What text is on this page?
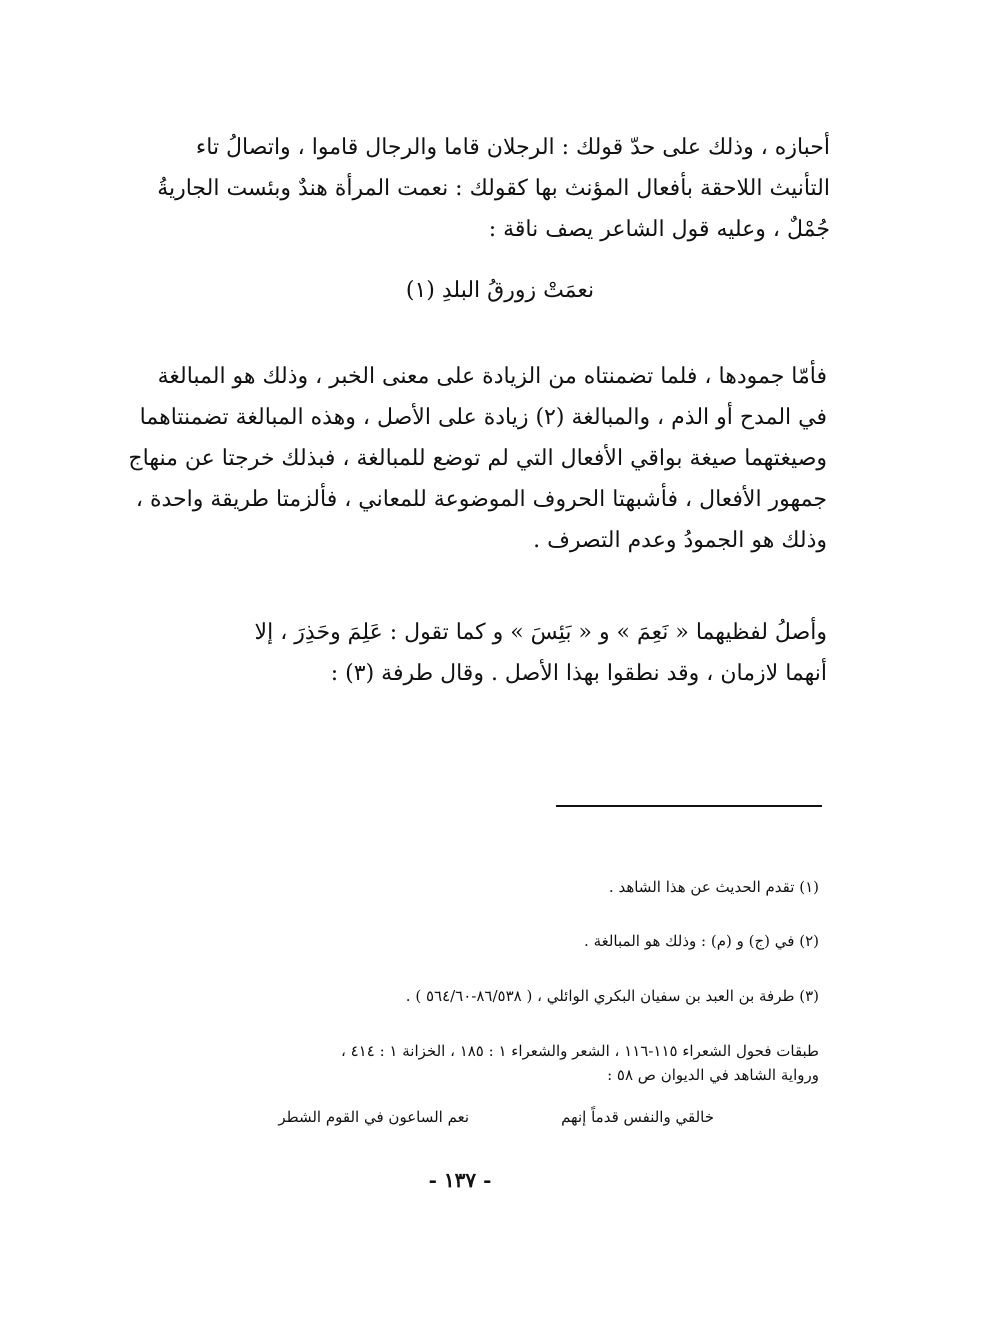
أحبازه ، وذلك على حدّ قولك : الرجلان قاما والرجال قاموا ، واتصالُ تاء
التأنيث اللاحقة بأفعال المؤنث بها كقولك : نعمت المرأة هندٌ وبئست الجاريةُ
جُمْلٌ ، وعليه قول الشاعر يصف ناقة :
نعمَتْ زورقُ البلدِ (١)
فأمّا جمودها ، فلما تضمنتاه من الزيادة على معنى الخبر ، وذلك هو المبالغة
في المدح أو الذم ، والمبالغة (٢) زيادة على الأصل ، وهذه المبالغة تضمنتاهما
وصيغتهما صيغة بواقي الأفعال التي لم توضع للمبالغة ، فبذلك خرجتا عن منهاج
جمهور الأفعال ، فأشبهتا الحروف الموضوعة للمعاني ، فألزمتا طريقة واحدة ،
وذلك هو الجمودُ وعدم التصرف .
وأصلُ لفظيهما « نَعِمَ » و « بَئِسَ » و كما تقول : عَلِمَ وحَذِرَ ، إلا
أنهما لازمان ، وقد نطقوا بهذا الأصل . وقال طرفة (٣) :
(١) تقدم الحديث عن هذا الشاهد .
(٢) في (ج) و (م) : وذلك هو المبالغة .
(٣) طرفة بن العبد بن سفيان البكري الوائلي ، ( ٨٦/٥٣٨-٥٦٤/٦٠ ) .
طبقات فحول الشعراء ١١٥-١١٦ ، الشعر والشعراء ١ : ١٨٥ ، الخزانة ١ : ٤١٤ ،
ورواية الشاهد في الديوان ص ٥٨ :
خالقي والنفس قدماً إنهم
نعم الساعون في القوم الشطر
- ١٣٧ -
